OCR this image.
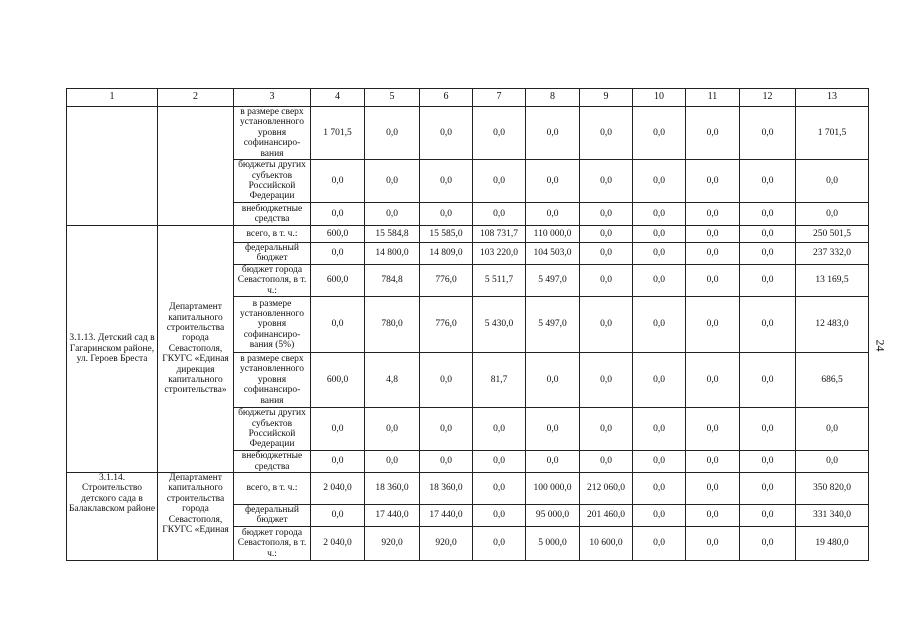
24
1	2	3	4	5	6	7	8	9	10	11	12	13
		в размере сверх установленного уровня софинансиро-вания	1 701,5	0,0	0,0	0,0	0,0	0,0	0,0	0,0	0,0	1 701,5
		бюджеты других субъектов Российской Федерации	0,0	0,0	0,0	0,0	0,0	0,0	0,0	0,0	0,0	0,0
		внебюджетные средства	0,0	0,0	0,0	0,0	0,0	0,0	0,0	0,0	0,0	0,0
3.1.13. Детский сад в Гагаринском районе, ул. Героев Бреста	Департамент капитального строительства города Севастополя, ГКУГС «Единая дирекция капитального строительства»	всего, в т. ч.:	600,0	15 584,8	15 585,0	108 731,7	110 000,0	0,0	0,0	0,0	0,0	250 501,5
		федеральный бюджет	0,0	14 800,0	14 809,0	103 220,0	104 503,0	0,0	0,0	0,0	0,0	237 332,0
		бюджет города Севастополя, в т. ч.:	600,0	784,8	776,0	5 511,7	5 497,0	0,0	0,0	0,0	0,0	13 169,5
		в размере установленного уровня софинансиро-вания (5%)	0,0	780,0	776,0	5 430,0	5 497,0	0,0	0,0	0,0	0,0	12 483,0
		в размере сверх установленного уровня софинансиро-вания	600,0	4,8	0,0	81,7	0,0	0,0	0,0	0,0	0,0	686,5
		бюджеты других субъектов Российской Федерации	0,0	0,0	0,0	0,0	0,0	0,0	0,0	0,0	0,0	0,0
		внебюджетные средства	0,0	0,0	0,0	0,0	0,0	0,0	0,0	0,0	0,0	0,0
3.1.14. Строительство детского сада в Балаклавском районе	Департамент капитального строительства города Севастополя, ГКУГС «Единая	всего, в т. ч.:	2 040,0	18 360,0	18 360,0	0,0	100 000,0	212 060,0	0,0	0,0	0,0	350 820,0
		федеральный бюджет	0,0	17 440,0	17 440,0	0,0	95 000,0	201 460,0	0,0	0,0	0,0	331 340,0
		бюджет города Севастополя, в т. ч.:	2 040,0	920,0	920,0	0,0	5 000,0	10 600,0	0,0	0,0	0,0	19 480,0
